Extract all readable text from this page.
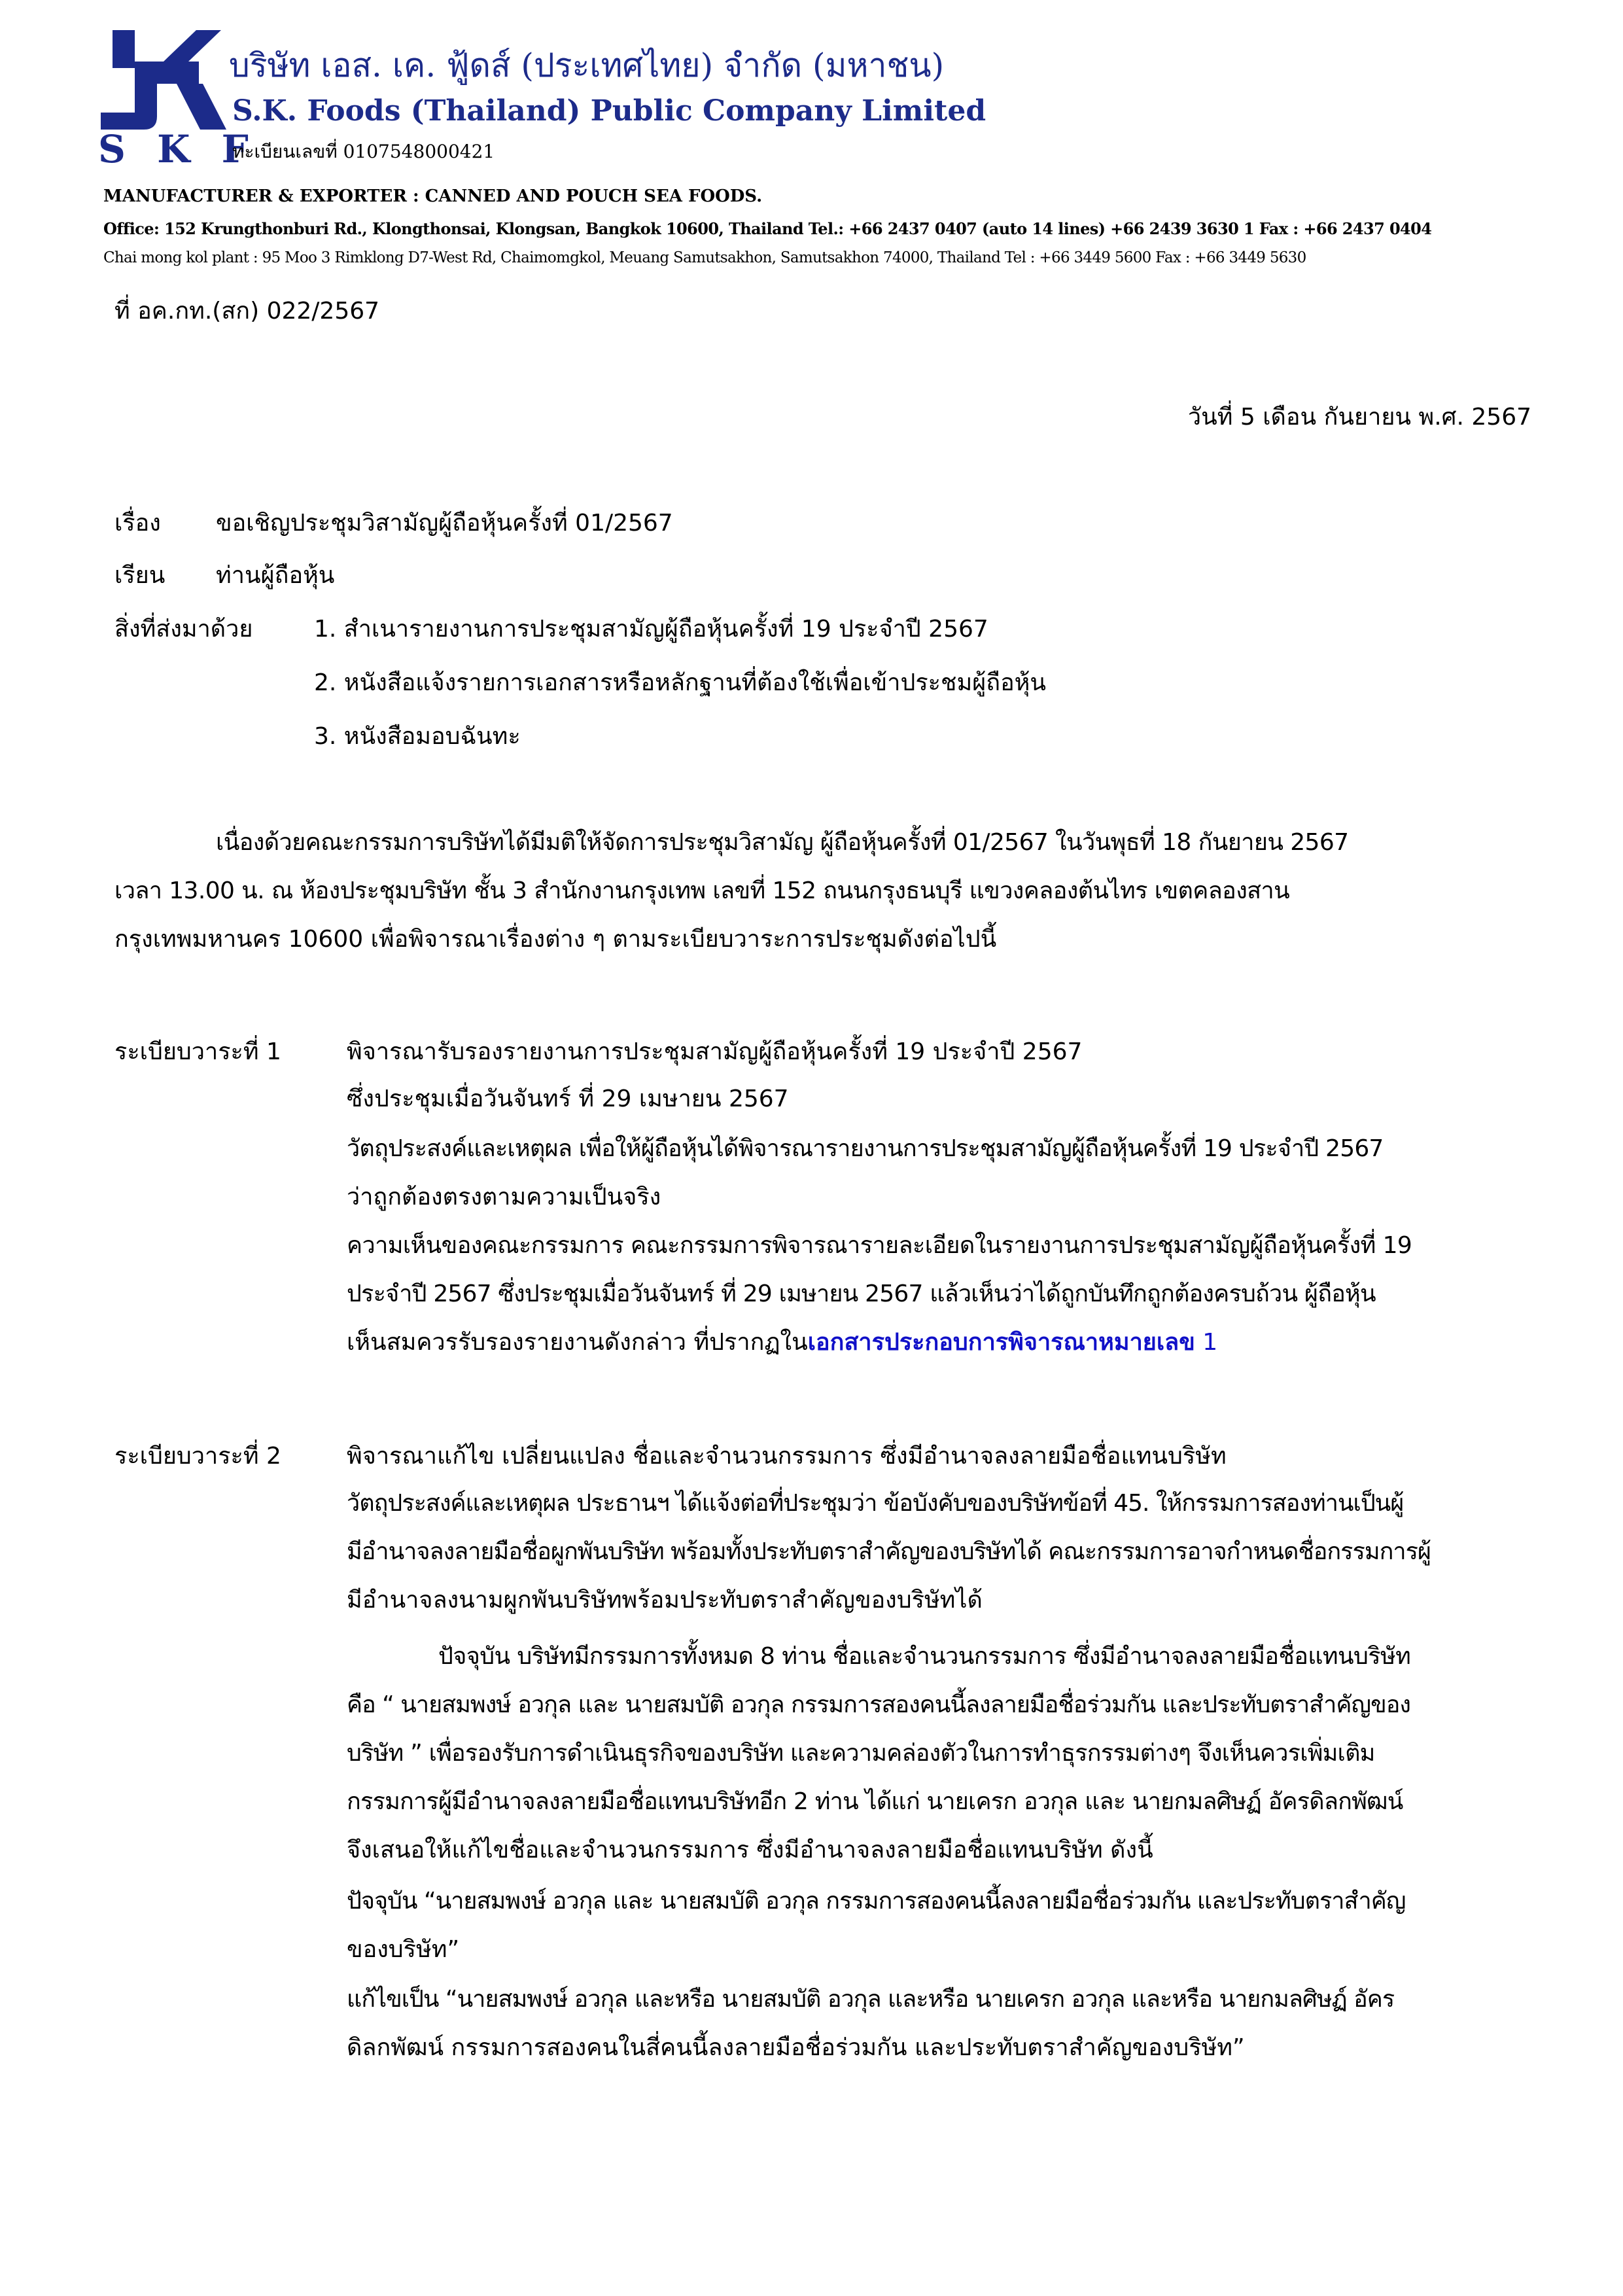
S K F
บริษัท เอส. เค. ฟู้ดส์ (ประเทศไทย) จำกัด (มหาชน)
S.K. Foods (Thailand) Public Company Limited
ทะเบียนเลขที่ 0107548000421
MANUFACTURER & EXPORTER : CANNED AND POUCH SEA FOODS.
Office: 152 Krungthonburi Rd., Klongthonsai, Klongsan, Bangkok 10600, Thailand Tel.: +66 2437 0407 (auto 14 lines) +66 2439 3630 1 Fax : +66 2437 0404
Chai mong kol plant : 95 Moo 3 Rimklong D7-West Rd, Chaimomgkol, Meuang Samutsakhon, Samutsakhon 74000, Thailand Tel : +66 3449 5600 Fax : +66 3449 5630
ที่ อค.กท.(สก) 022/2567
วันที่ 5 เดือน กันยายน พ.ศ. 2567
เรื่อง ขอเชิญประชุมวิสามัญผู้ถือหุ้นครั้งที่ 01/2567
เรียน ท่านผู้ถือหุ้น
สิ่งที่ส่งมาด้วย	1. สำเนารายงานการประชุมสามัญผู้ถือหุ้นครั้งที่ 19 ประจำปี 2567
2. หนังสือแจ้งรายการเอกสารหรือหลักฐานที่ต้องใช้เพื่อเข้าประชมผู้ถือหุ้น
3. หนังสือมอบฉันทะ
เนื่องด้วยคณะกรรมการบริษัทได้มีมติให้จัดการประชุมวิสามัญ ผู้ถือหุ้นครั้งที่ 01/2567 ในวันพุธที่ 18 กันยายน 2567
เวลา 13.00 น. ณ ห้องประชุมบริษัท ชั้น 3 สำนักงานกรุงเทพ เลขที่ 152 ถนนกรุงธนบุรี แขวงคลองต้นไทร เขตคลองสาน
กรุงเทพมหานคร 10600 เพื่อพิจารณาเรื่องต่าง ๆ ตามระเบียบวาระการประชุมดังต่อไปนี้
ระเบียบวาระที่ 1	พิจารณารับรองรายงานการประชุมสามัญผู้ถือหุ้นครั้งที่ 19 ประจำปี 2567
ซึ่งประชุมเมื่อวันจันทร์ ที่ 29 เมษายน 2567
วัตถุประสงค์และเหตุผล เพื่อให้ผู้ถือหุ้นได้พิจารณารายงานการประชุมสามัญผู้ถือหุ้นครั้งที่ 19 ประจำปี 2567
ว่าถูกต้องตรงตามความเป็นจริง
ความเห็นของคณะกรรมการ คณะกรรมการพิจารณารายละเอียดในรายงานการประชุมสามัญผู้ถือหุ้นครั้งที่ 19
ประจำปี 2567 ซึ่งประชุมเมื่อวันจันทร์ ที่ 29 เมษายน 2567 แล้วเห็นว่าได้ถูกบันทึกถูกต้องครบถ้วน ผู้ถือหุ้น
เห็นสมควรรับรองรายงานดังกล่าว ที่ปรากฏในเอกสารประกอบการพิจารณาหมายเลข 1
ระเบียบวาระที่ 2	พิจารณาแก้ไข เปลี่ยนแปลง ชื่อและจำนวนกรรมการ ซึ่งมีอำนาจลงลายมือชื่อแทนบริษัท
วัตถุประสงค์และเหตุผล ประธานฯ ได้แจ้งต่อที่ประชุมว่า ข้อบังคับของบริษัทข้อที่ 45. ให้กรรมการสองท่านเป็นผู้
มีอำนาจลงลายมือชื่อผูกพันบริษัท พร้อมทั้งประทับตราสำคัญของบริษัทได้ คณะกรรมการอาจกำหนดชื่อกรรมการผู้
มีอำนาจลงนามผูกพันบริษัทพร้อมประทับตราสำคัญของบริษัทได้
ปัจจุบัน บริษัทมีกรรมการทั้งหมด 8 ท่าน ชื่อและจำนวนกรรมการ ซึ่งมีอำนาจลงลายมือชื่อแทนบริษัท
คือ “ นายสมพงษ์ อวกุล และ นายสมบัติ อวกุล กรรมการสองคนนี้ลงลายมือชื่อร่วมกัน และประทับตราสำคัญของ
บริษัท ” เพื่อรองรับการดำเนินธุรกิจของบริษัท และความคล่องตัวในการทำธุรกรรมต่างๆ จึงเห็นควรเพิ่มเติม
กรรมการผู้มีอำนาจลงลายมือชื่อแทนบริษัทอีก 2 ท่าน ได้แก่ นายเครก อวกุล และ นายกมลศิษฏ์ อัครดิลกพัฒน์
จึงเสนอให้แก้ไขชื่อและจำนวนกรรมการ ซึ่งมีอำนาจลงลายมือชื่อแทนบริษัท ดังนี้
ปัจจุบัน “นายสมพงษ์ อวกุล และ นายสมบัติ อวกุล กรรมการสองคนนี้ลงลายมือชื่อร่วมกัน และประทับตราสำคัญ
ของบริษัท”
แก้ไขเป็น “นายสมพงษ์ อวกุล และหรือ นายสมบัติ อวกุล และหรือ นายเครก อวกุล และหรือ นายกมลศิษฏ์ อัคร
ดิลกพัฒน์ กรรมการสองคนในสี่คนนี้ลงลายมือชื่อร่วมกัน และประทับตราสำคัญของบริษัท”
